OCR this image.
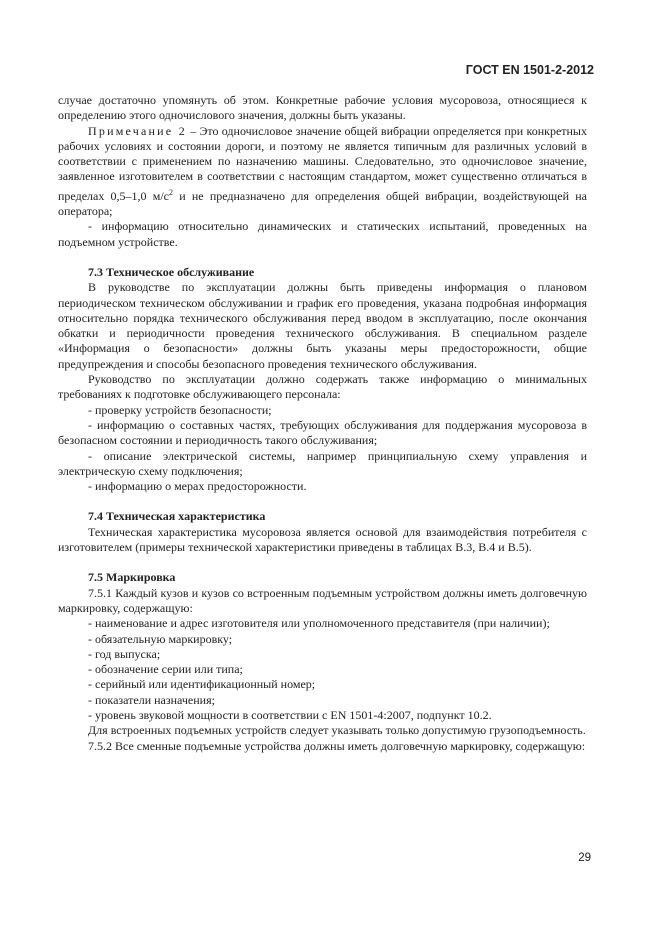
ГОСТ EN 1501-2-2012

случае достаточно упомянуть об этом. Конкретные рабочие условия мусоровоза, относящиеся к определению этого одночислового значения, должны быть указаны.

Примечание 2 – Это одночисловое значение общей вибрации определяется при конкретных рабочих условиях и состоянии дороги, и поэтому не является типичным для различных условий в соответствии с применением по назначению машины. Следовательно, это одночисловое значение, заявленное изготовителем в соответствии с настоящим стандартом, может существенно отличаться в пределах 0,5–1,0 $м/с^2$ и не предназначено для определения общей вибрации, воздействующей на оператора;

- информацию относительно динамических и статических испытаний, проведенных на подъемном устройстве.

7.3 Техническое обслуживание

В руководстве по эксплуатации должны быть приведены информация о плановом периодическом техническом обслуживании и график его проведения, указана подробная информация относительно порядка технического обслуживания перед вводом в эксплуатацию, после окончания обкатки и периодичности проведения технического обслуживания. В специальном разделе «Информация о безопасности» должны быть указаны меры предосторожности, общие предупреждения и способы безопасного проведения технического обслуживания.

Руководство по эксплуатации должно содержать также информацию о минимальных требованиях к подготовке обслуживающего персонала:

- проверку устройств безопасности;

- информацию о составных частях, требующих обслуживания для поддержания мусоровоза в безопасном состоянии и периодичность такого обслуживания;

- описание электрической системы, например принципиальную схему управления и электрическую схему подключения;

- информацию о мерах предосторожности.

7.4 Техническая характеристика

Техническая характеристика мусоровоза является основой для взаимодействия потребителя с изготовителем (примеры технической характеристики приведены в таблицах В.3, В.4 и В.5).

7.5 Маркировка

7.5.1 Каждый кузов и кузов со встроенным подъемным устройством должны иметь долговечную маркировку, содержащую:

- наименование и адрес изготовителя или уполномоченного представителя (при наличии);

- обязательную маркировку;

- год выпуска;

- обозначение серии или типа;

- серийный или идентификационный номер;

- показатели назначения;

- уровень звуковой мощности в соответствии с EN 1501-4:2007, подпункт 10.2.

Для встроенных подъемных устройств следует указывать только допустимую грузоподъемность.

7.5.2 Все сменные подъемные устройства должны иметь долговечную маркировку, содержащую:

29
